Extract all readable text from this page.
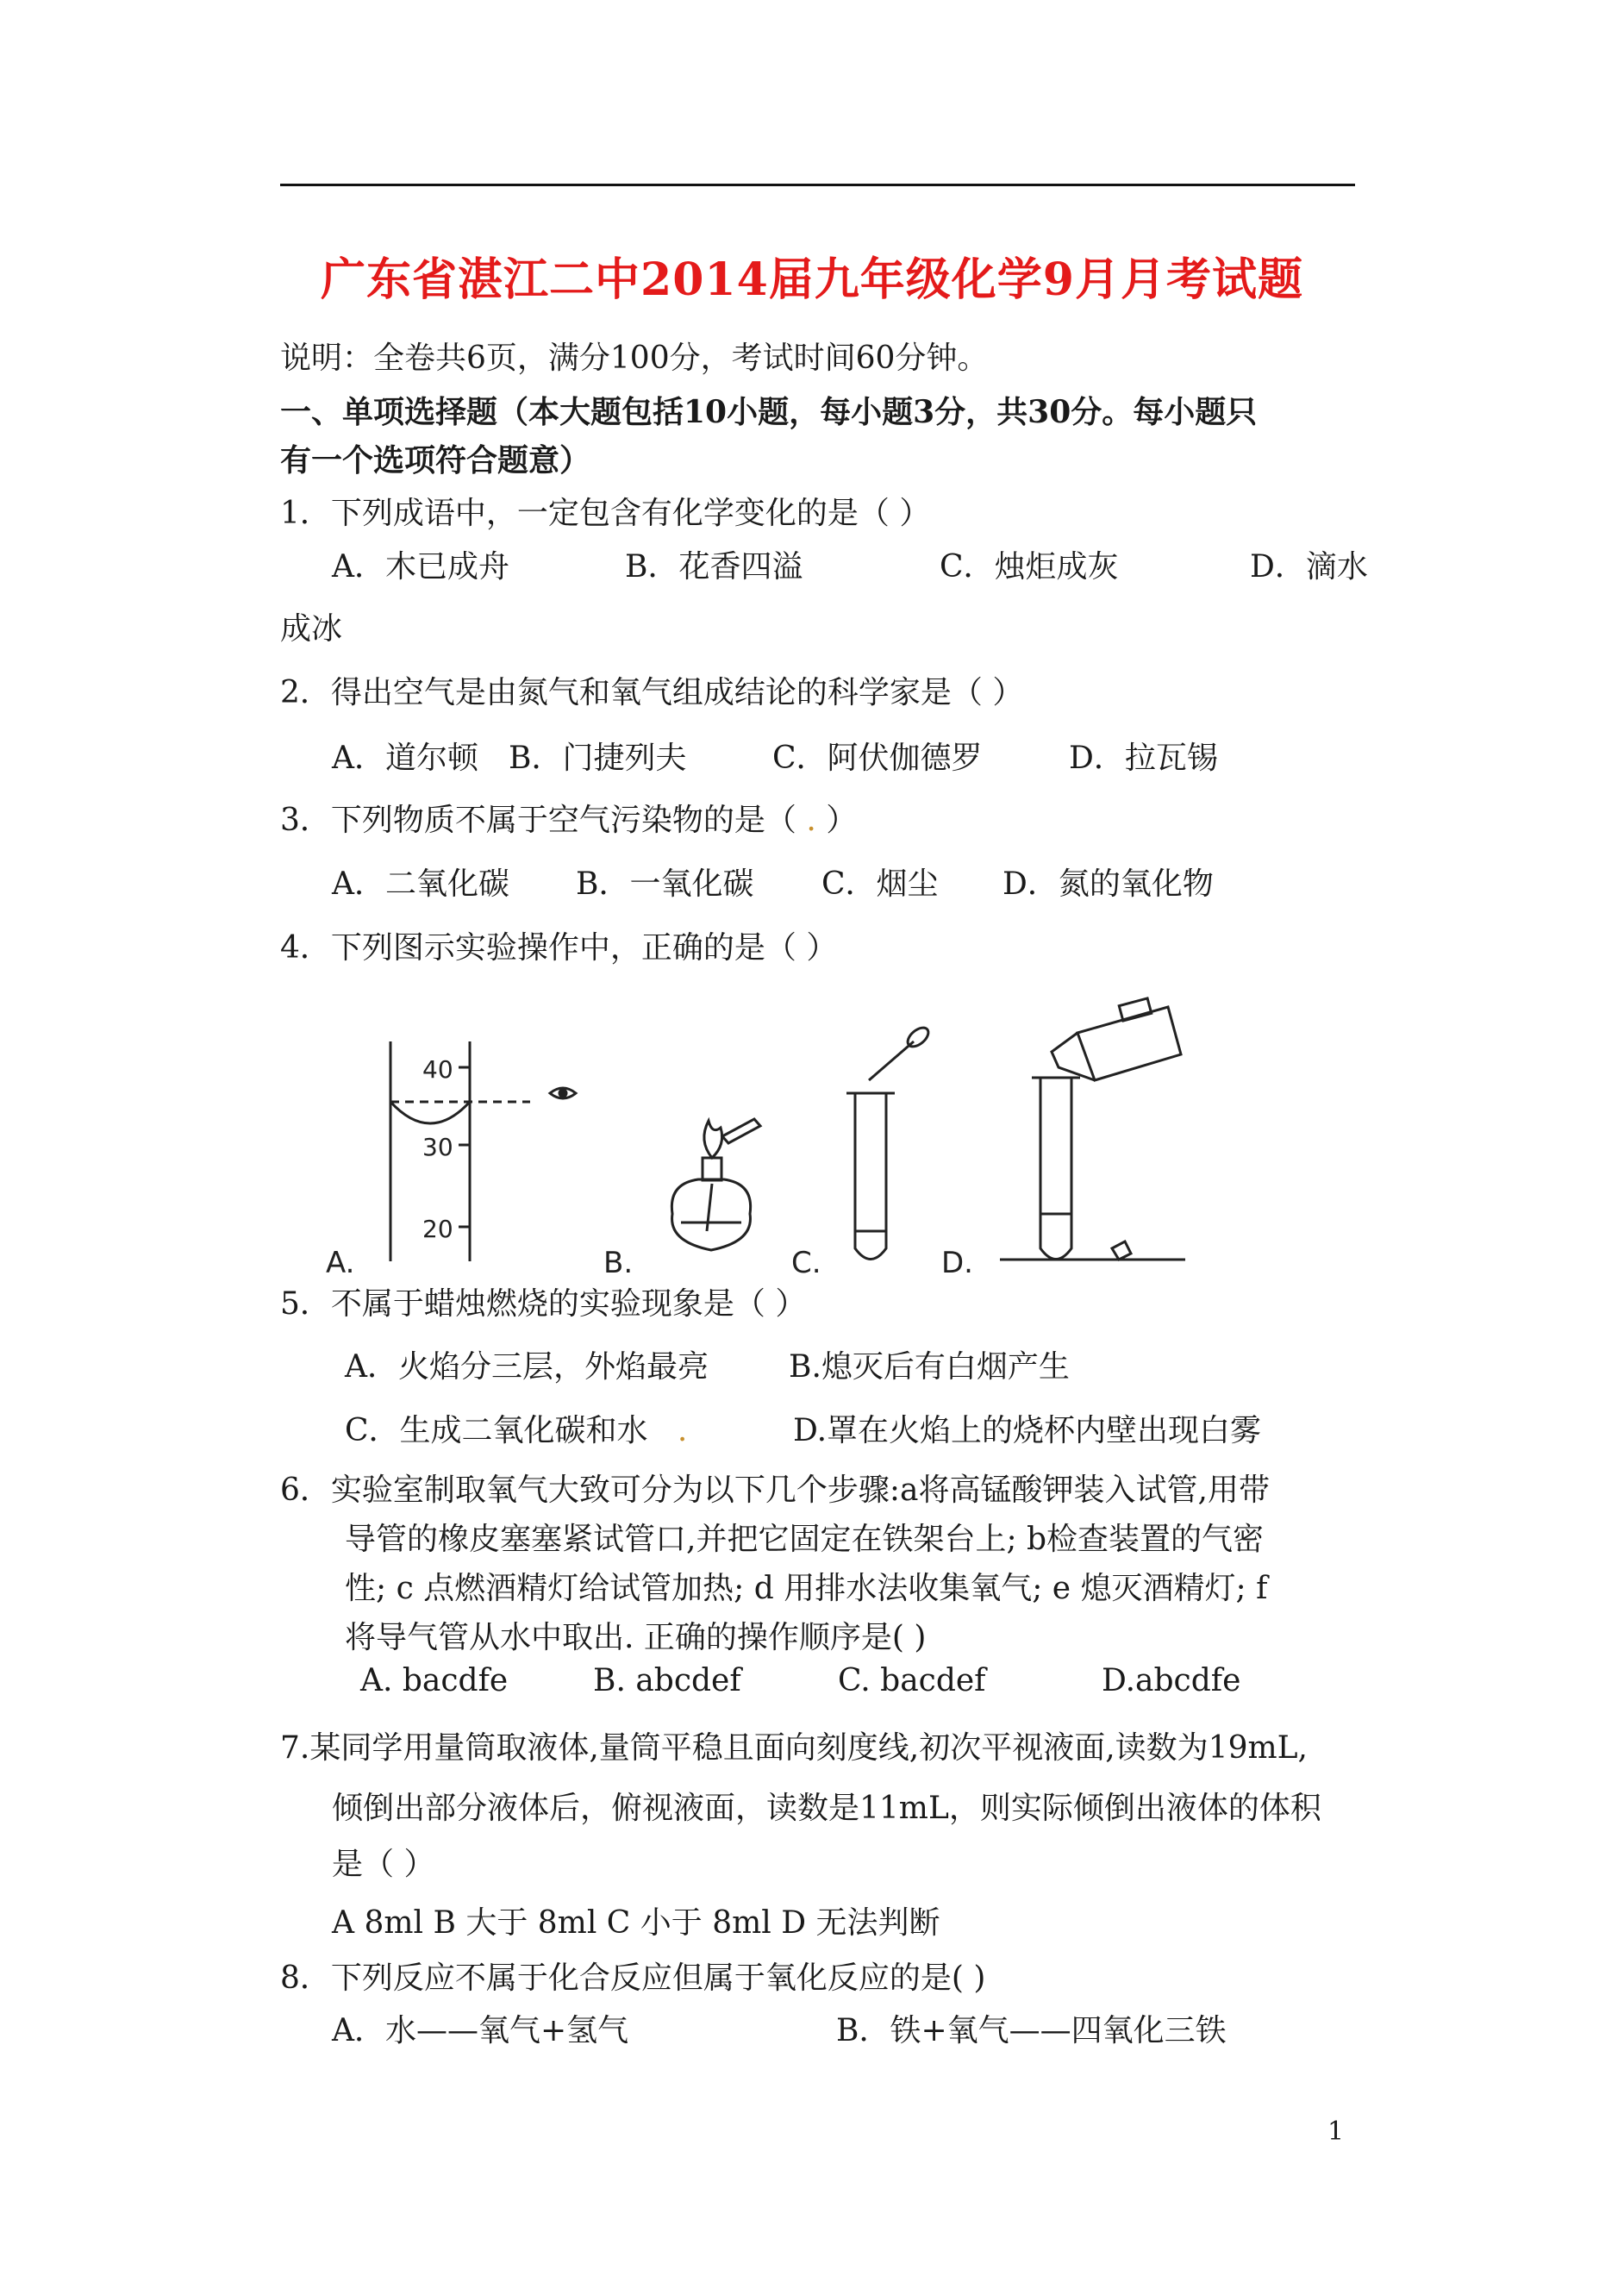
广东省湛江二中2014届九年级化学9月月考试题
说明：全卷共6页，满分100分，考试时间60分钟。
一、单项选择题（本大题包括10小题，每小题3分，共30分。每小题只
有一个选项符合题意）
1．下列成语中，一定包含有化学变化的是（ ）
A．木已成舟	B．花香四溢	C．烛炬成灰	D．滴水
成冰
2．得出空气是由氮气和氧气组成结论的科学家是（ ）
A．道尔顿 B．门捷列夫	C．阿伏伽德罗	D．拉瓦锡
3．下列物质不属于空气污染物的是（ . ）
A．二氧化碳 B．一氧化碳 C．烟尘 D．氮的氧化物
4．下列图示实验操作中，正确的是（ ）
40
30
20
A.	B.	C.	D.
5．不属于蜡烛燃烧的实验现象是（ ）
A．火焰分三层，外焰最亮	B.熄灭后有白烟产生
C．生成二氧化碳和水 .	D.罩在火焰上的烧杯内壁出现白雾
6．实验室制取氧气大致可分为以下几个步骤:a将高锰酸钾装入试管,用带
导管的橡皮塞塞紧试管口,并把它固定在铁架台上; b检查装置的气密
性; c 点燃酒精灯给试管加热; d 用排水法收集氧气; e 熄灭酒精灯; f
将导气管从水中取出. 正确的操作顺序是( )
A. bacdfe	B. abcdef	C. bacdef	D.abcdfe
7.某同学用量筒取液体,量筒平稳且面向刻度线,初次平视液面,读数为19mL,
倾倒出部分液体后，俯视液面，读数是11mL，则实际倾倒出液体的体积
是（ ）
A 8ml B 大于 8ml C 小于 8ml D 无法判断
8．下列反应不属于化合反应但属于氧化反应的是( )
A．水——氧气+氢气	B．铁+氧气——四氧化三铁
1
